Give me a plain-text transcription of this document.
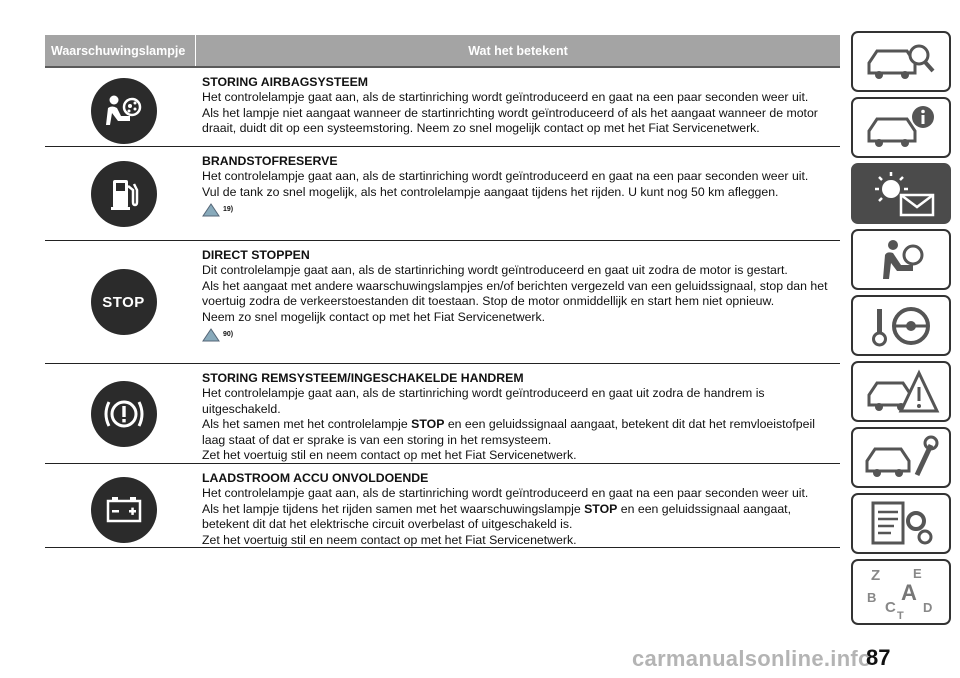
Waarschuwingslampje	Wat het betekent
STORING AIRBAGSYSTEEM

Het controlelampje gaat aan, als de startinriching wordt geïntroduceerd en gaat na een paar seconden weer uit.

Als het lampje niet aangaat wanneer de startinrichting wordt geïntroduceerd of als het aangaat wanneer de motor draait, duidt dit op een systeemstoring. Neem zo snel mogelijk contact op met het Fiat Servicenetwerk.

BRANDSTOFRESERVE

Het controlelampje gaat aan, als de startinriching wordt geïntroduceerd en gaat na een paar seconden weer uit.

Vul de tank zo snel mogelijk, als het controlelampje aangaat tijdens het rijden. U kunt nog 50 km afleggen.

19)
STOP
DIRECT STOPPEN

Dit controlelampje gaat aan, als de startinriching wordt geïntroduceerd en gaat uit zodra de motor is gestart.

Als het aangaat met andere waarschuwingslampjes en/of berichten vergezeld van een geluidssignaal, stop dan het voertuig zodra de verkeerstoestanden dit toestaan. Stop de motor onmiddellijk en start hem niet opnieuw.

Neem zo snel mogelijk contact op met het Fiat Servicenetwerk.

90)
STORING REMSYSTEEM/INGESCHAKELDE HANDREM

Het controlelampje gaat aan, als de startinriching wordt geïntroduceerd en gaat uit zodra de handrem is uitgeschakeld.

Als het samen met het controlelampje STOP en een geluidssignaal aangaat, betekent dit dat het remvloeistofpeil laag staat of dat er sprake is van een storing in het remsysteem.

Zet het voertuig stil en neem contact op met het Fiat Servicenetwerk.

LAADSTROOM ACCU ONVOLDOENDE

Het controlelampje gaat aan, als de startinriching wordt geïntroduceerd en gaat na een paar seconden weer uit.

Als het lampje tijdens het rijden samen met het waarschuwingslampje STOP en een geluidssignaal aangaat, betekent dit dat het elektrische circuit overbelast of uitgeschakeld is.

Zet het voertuig stil en neem contact op met het Fiat Servicenetwerk.

Z	E
B A
C D
T
carmanualsonline.info
87
